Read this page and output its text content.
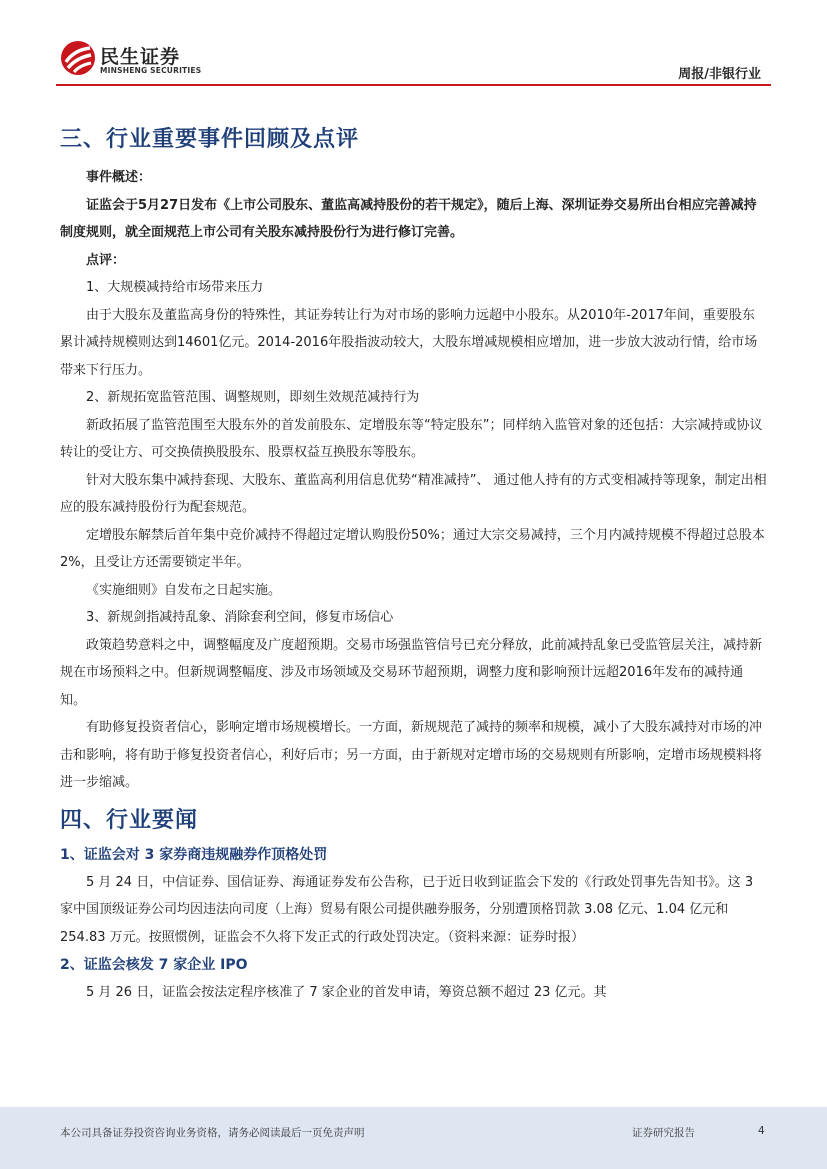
民生证券
MINSHENG SECURITIES	周报/非银行业
三、行业重要事件回顾及点评

事件概述：

证监会于5月27日发布《上市公司股东、董监高减持股份的若干规定》，随后上海、深圳证券交易所出台相应完善减持制度规则，就全面规范上市公司有关股东减持股份行为进行修订完善。

点评：

1、大规模减持给市场带来压力

由于大股东及董监高身份的特殊性，其证券转让行为对市场的影响力远超中小股东。从2010年-2017年间，重要股东累计减持规模则达到14601亿元。2014-2016年股指波动较大，大股东增减规模相应增加，进一步放大波动行情，给市场带来下行压力。

2、新规拓宽监管范围、调整规则，即刻生效规范减持行为

新政拓展了监管范围至大股东外的首发前股东、定增股东等“特定股东”；同样纳入监管对象的还包括：大宗减持或协议转让的受让方、可交换债换股股东、股票权益互换股东等股东。

针对大股东集中减持套现、大股东、董监高利用信息优势“精准减持”、 通过他人持有的方式变相减持等现象，制定出相应的股东减持股份行为配套规范。

定增股东解禁后首年集中竞价减持不得超过定增认购股份50%；通过大宗交易减持，三个月内减持规模不得超过总股本2%，且受让方还需要锁定半年。

《实施细则》自发布之日起实施。

3、新规剑指减持乱象、消除套利空间，修复市场信心

政策趋势意料之中，调整幅度及广度超预期。交易市场强监管信号已充分释放，此前减持乱象已受监管层关注，减持新规在市场预料之中。但新规调整幅度、涉及市场领域及交易环节超预期，调整力度和影响预计远超2016年发布的减持通知。

有助修复投资者信心，影响定增市场规模增长。一方面，新规规范了减持的频率和规模，减小了大股东减持对市场的冲击和影响，将有助于修复投资者信心，利好后市；另一方面，由于新规对定增市场的交易规则有所影响，定增市场规模料将进一步缩减。

四、行业要闻

1、证监会对 3 家券商违规融券作顶格处罚

5 月 24 日，中信证券、国信证券、海通证券发布公告称，已于近日收到证监会下发的《行政处罚事先告知书》。这 3 家中国顶级证券公司均因违法向司度（上海）贸易有限公司提供融券服务，分别遭顶格罚款 3.08 亿元、1.04 亿元和 254.83 万元。按照惯例，证监会不久将下发正式的行政处罚决定。（资料来源：证券时报）

2、证监会核发 7 家企业 IPO

5 月 26 日，证监会按法定程序核准了 7 家企业的首发申请，筹资总额不超过 23 亿元。其

本公司具备证券投资咨询业务资格，请务必阅读最后一页免责声明	证券研究报告	4
